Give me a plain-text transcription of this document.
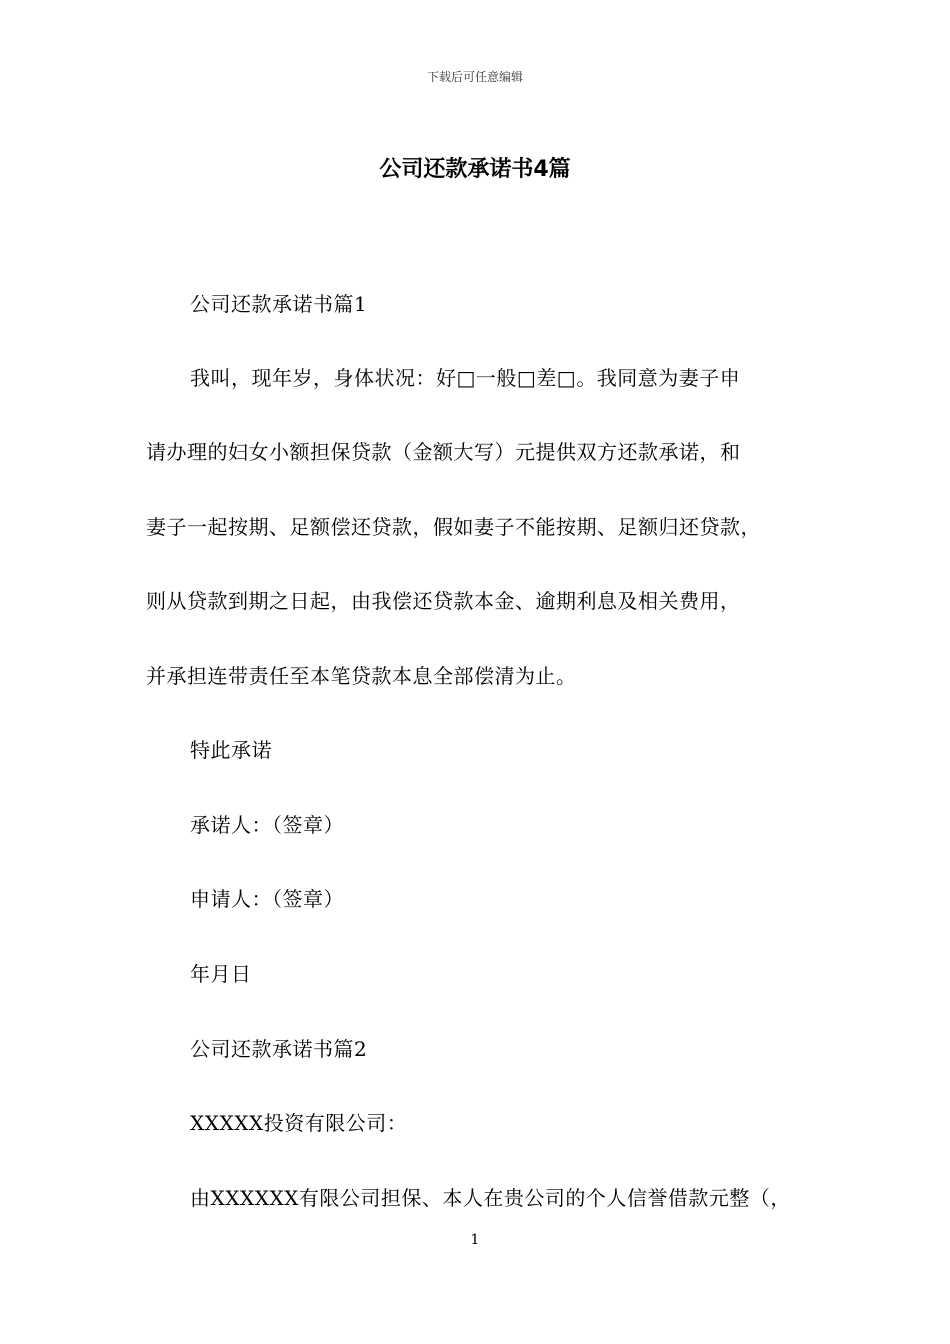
下载后可任意编辑
公司还款承诺书4篇
公司还款承诺书篇1
我叫，现年岁，身体状况：好□一般□差□。我同意为妻子申
请办理的妇女小额担保贷款（金额大写）元提供双方还款承诺，和
妻子一起按期、足额偿还贷款，假如妻子不能按期、足额归还贷款，
则从贷款到期之日起，由我偿还贷款本金、逾期利息及相关费用，
并承担连带责任至本笔贷款本息全部偿清为止。
特此承诺
承诺人：（签章）
申请人：（签章）
年月日
公司还款承诺书篇2
XXXXX投资有限公司：
由XXXXXX有限公司担保、本人在贵公司的个人信誉借款元整（，
1
